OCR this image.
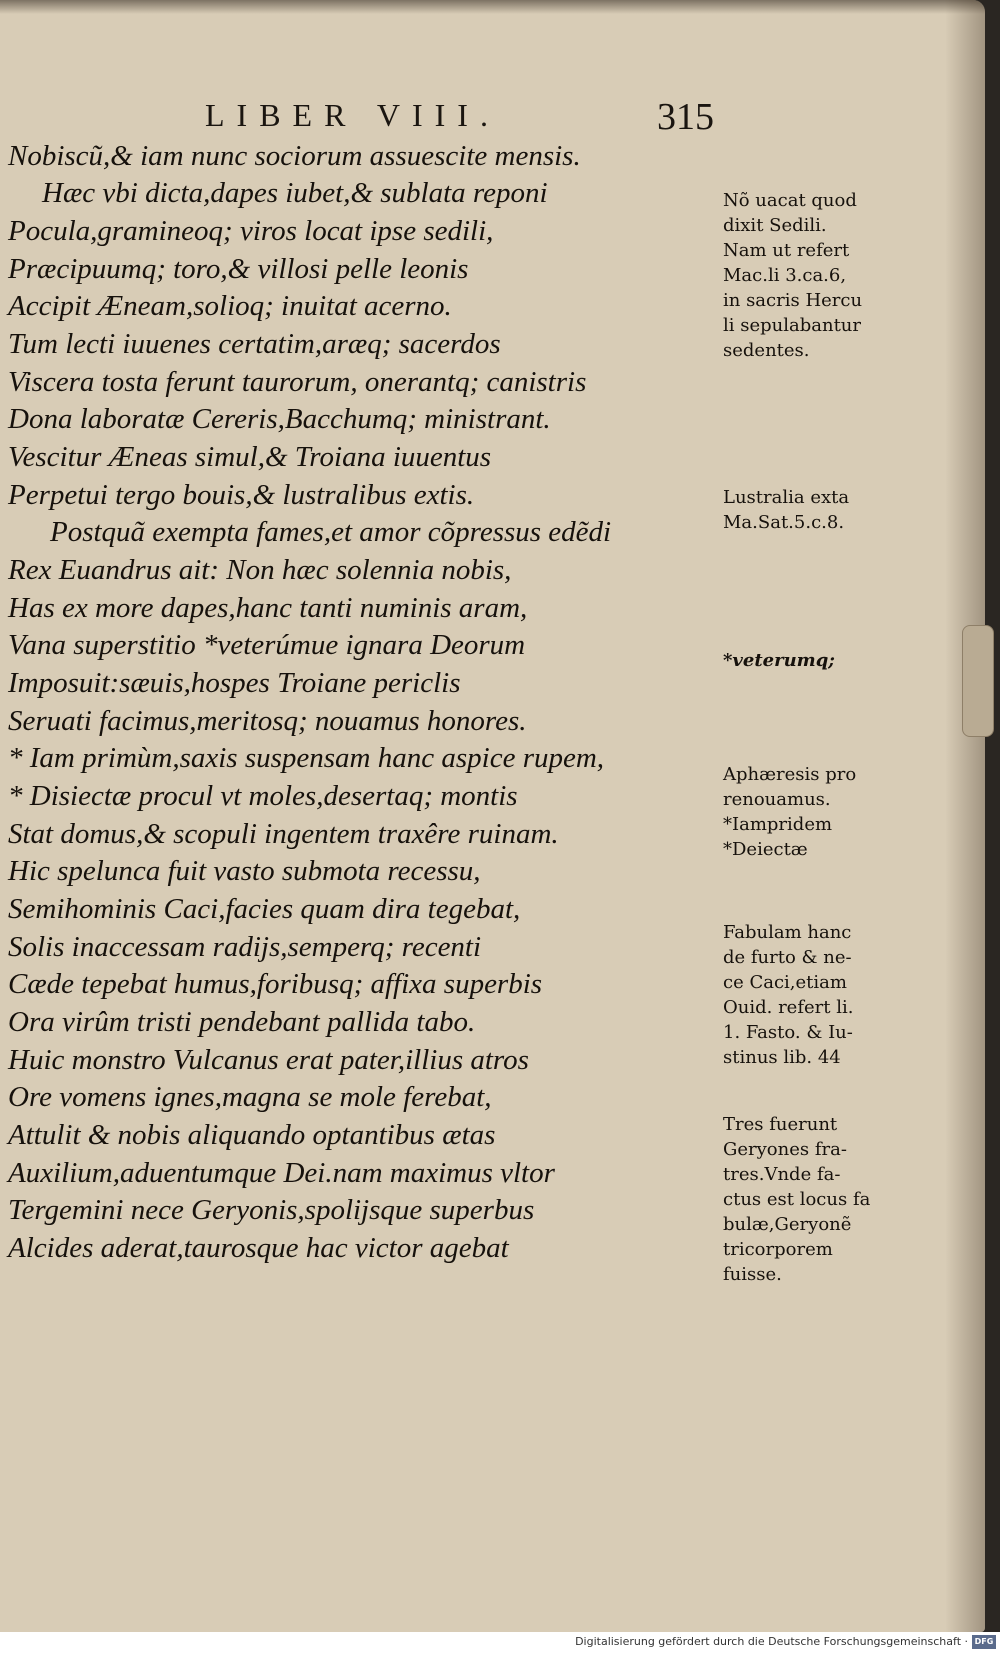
LIBER VIII.	315
Nobiscũ,& iam nunc sociorum assuescite mensis.
Hæc vbi dicta,dapes iubet,& sublata reponi
Pocula,gramineoq; viros locat ipse sedili,
Præcipuumq; toro,& villosi pelle leonis
Accipit Æneam,solioq; inuitat acerno.
Tum lecti iuuenes certatim,aræq; sacerdos
Viscera tosta ferunt taurorum, onerantq; canistris
Dona laboratæ Cereris,Bacchumq; ministrant.
Vescitur Æneas simul,& Troiana iuuentus
Perpetui tergo bouis,& lustralibus extis.
Postquã exempta fames,et amor cõpressus edẽdi
Rex Euandrus ait: Non hæc solennia nobis,
Has ex more dapes,hanc tanti numinis aram,
Vana superstitio *veterúmue ignara Deorum
Imposuit:sæuis,hospes Troiane periclis
Seruati facimus,meritosq; nouamus honores.
* Iam primùm,saxis suspensam hanc aspice rupem,
* Disiectæ procul vt moles,desertaq; montis
Stat domus,& scopuli ingentem traxêre ruinam.
Hic spelunca fuit vasto submota recessu,
Semihominis Caci,facies quam dira tegebat,
Solis inaccessam radijs,semperq; recenti
Cæde tepebat humus,foribusq; affixa superbis
Ora virûm tristi pendebant pallida tabo.
Huic monstro Vulcanus erat pater,illius atros
Ore vomens ignes,magna se mole ferebat,
Attulit & nobis aliquando optantibus ætas
Auxilium,aduentumque Dei.nam maximus vltor
Tergemini nece Geryonis,spolijsque superbus
Alcides aderat,taurosque hac victor agebat
Nõ uacat quod
dixit Sedili.
Nam ut refert
Mac.li 3.ca.6,
in sacris Hercu
li sepulabantur
sedentes.
Lustralia exta
Ma.Sat.5.c.8.
*veterumq;
Aphæresis pro
renouamus.
*Iampridem
*Deiectæ
Fabulam hanc
de furto & ne-
ce Caci,etiam
Ouid. refert li.
1. Fasto. & Iu-
stinus lib. 44
Tres fuerunt
Geryones fra-
tres.Vnde fa-
ctus est locus fa
bulæ,Geryonẽ
tricorporem
fuisse.
Digitalisierung gefördert durch die Deutsche Forschungsgemeinschaft · DFG
